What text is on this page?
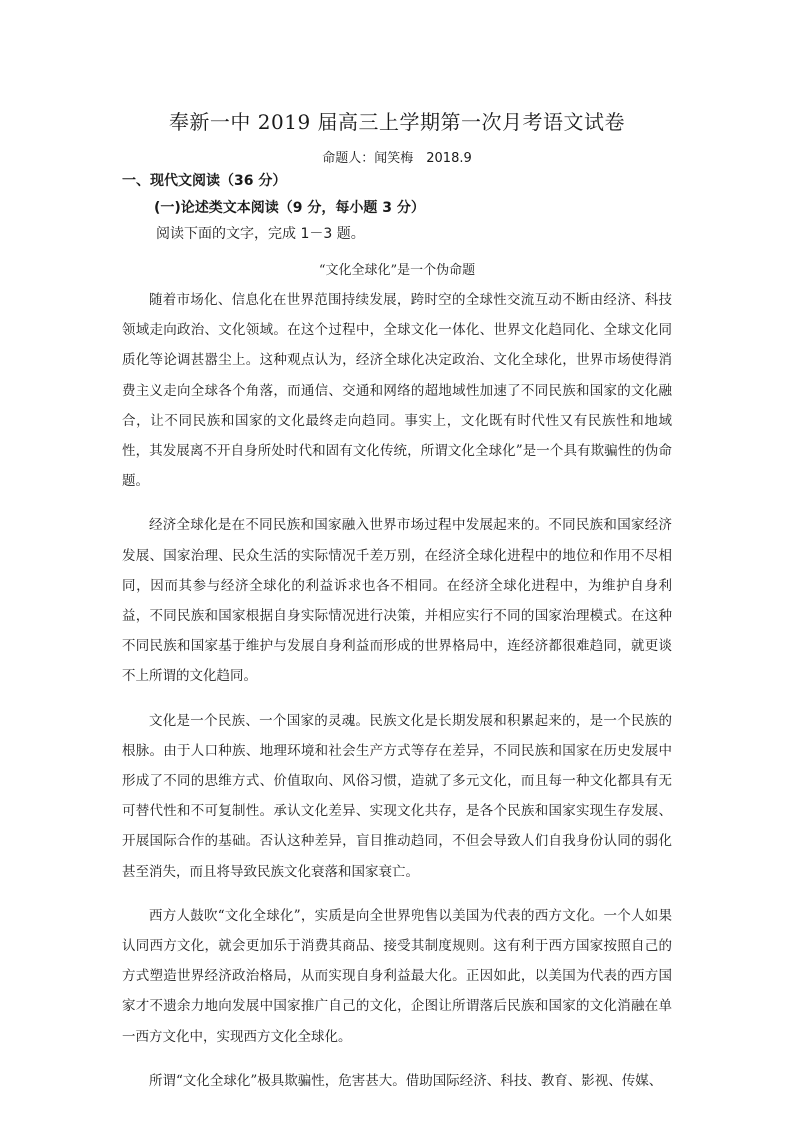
奉新一中 2019 届高三上学期第一次月考语文试卷
命题人：闻笑梅　2018.9
一、现代文阅读（36 分）
(一)论述类文本阅读（9 分，每小题 3 分）
阅读下面的文字，完成 1－3 题。
“文化全球化”是一个伪命题

随着市场化、信息化在世界范围持续发展，跨时空的全球性交流互动不断由经济、科技领域走向政治、文化领域。在这个过程中，全球文化一体化、世界文化趋同化、全球文化同质化等论调甚嚣尘上。这种观点认为，经济全球化决定政治、文化全球化，世界市场使得消费主义走向全球各个角落，而通信、交通和网络的超地域性加速了不同民族和国家的文化融合，让不同民族和国家的文化最终走向趋同。事实上，文化既有时代性又有民族性和地域性，其发展离不开自身所处时代和固有文化传统，所谓文化全球化”是一个具有欺骗性的伪命题。

经济全球化是在不同民族和国家融入世界市场过程中发展起来的。不同民族和国家经济发展、国家治理、民众生活的实际情况千差万别，在经济全球化进程中的地位和作用不尽相同，因而其参与经济全球化的利益诉求也各不相同。在经济全球化进程中，为维护自身利益，不同民族和国家根据自身实际情况进行决策，并相应实行不同的国家治理模式。在这种不同民族和国家基于维护与发展自身利益而形成的世界格局中，连经济都很难趋同，就更谈不上所谓的文化趋同。

文化是一个民族、一个国家的灵魂。民族文化是长期发展和积累起来的，是一个民族的根脉。由于人口种族、地理环境和社会生产方式等存在差异，不同民族和国家在历史发展中形成了不同的思维方式、价值取向、风俗习惯，造就了多元文化，而且每一种文化都具有无可替代性和不可复制性。承认文化差异、实现文化共存，是各个民族和国家实现生存发展、开展国际合作的基础。否认这种差异，盲目推动趋同，不但会导致人们自我身份认同的弱化甚至消失，而且将导致民族文化衰落和国家衰亡。

西方人鼓吹“文化全球化”，实质是向全世界兜售以美国为代表的西方文化。一个人如果认同西方文化，就会更加乐于消费其商品、接受其制度规则。这有利于西方国家按照自己的方式塑造世界经济政治格局，从而实现自身利益最大化。正因如此，以美国为代表的西方国家才不遗余力地向发展中国家推广自己的文化，企图让所谓落后民族和国家的文化消融在单一西方文化中，实现西方文化全球化。

所谓“文化全球化”极具欺骗性，危害甚大。借助国际经济、科技、教育、影视、传媒、
